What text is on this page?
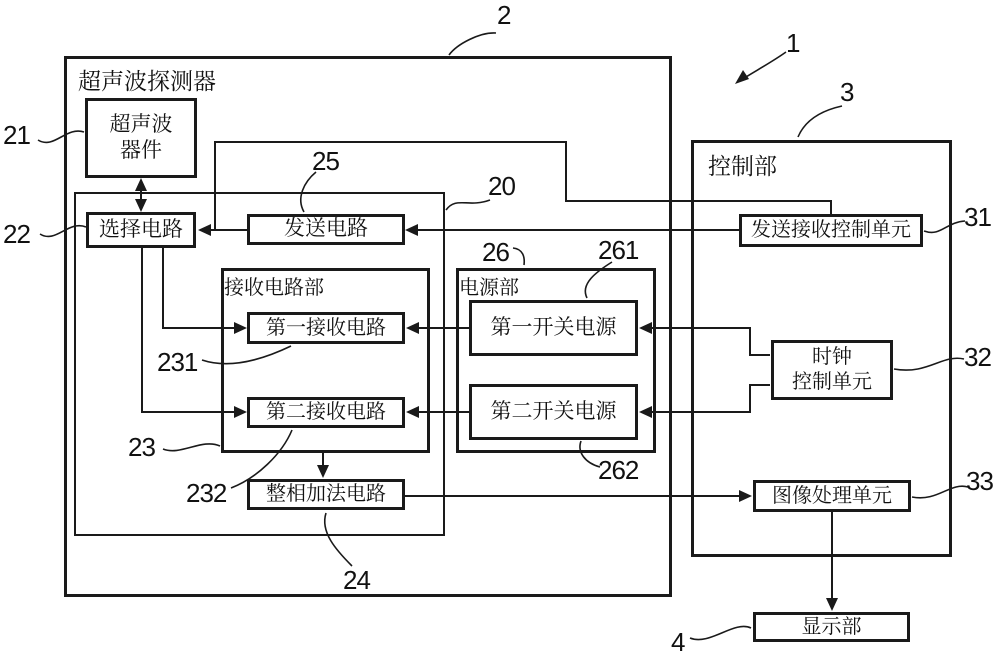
超声波探测器
控制部
接收电路部	电源部
超声波
器件
选择电路	发送电路
第一接收电路
第二接收电路
整相加法电路
第一开关电源
第二开关电源
发送接收控制单元
时钟
控制单元
图像处理单元
显示部
2
1
3
21
22
25
20
26	261
231
23
232
24
262
31
32
33
4
